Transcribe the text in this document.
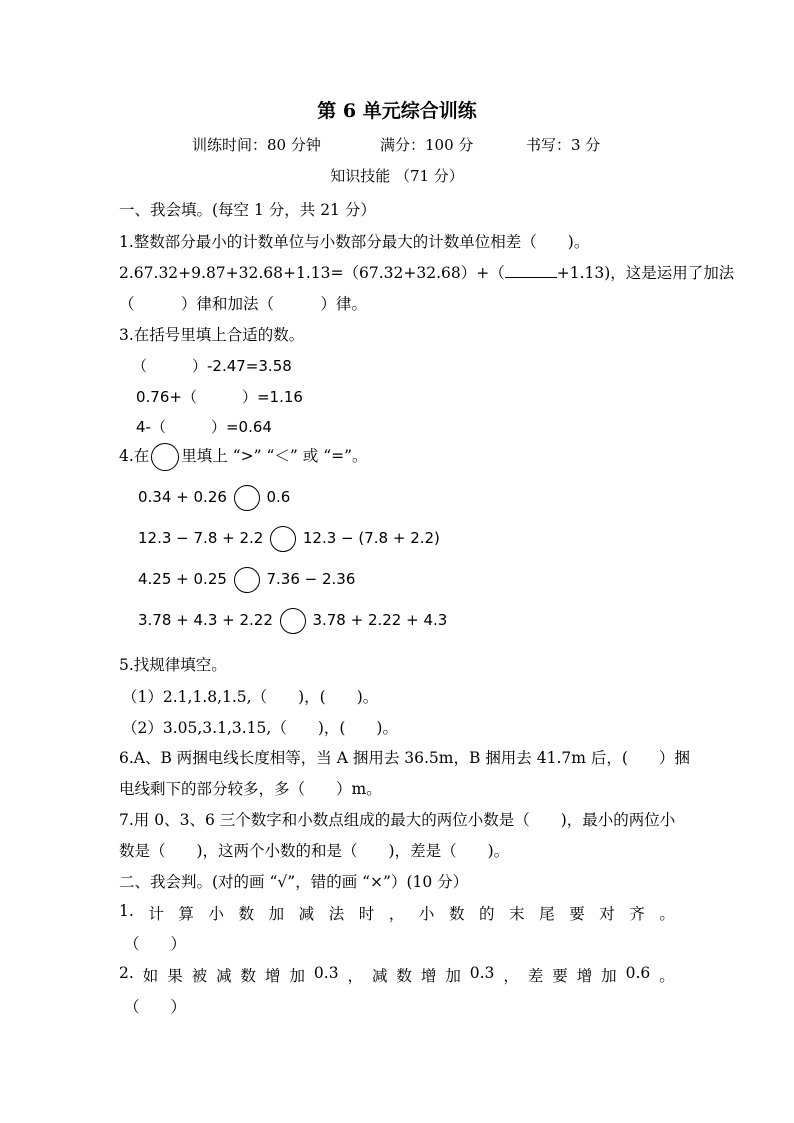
第 6 单元综合训练
训练时间：80 分钟	满分：100 分	书写：3 分
知识技能 （71 分）
一、我会填。(每空 1 分，共 21 分）
1.整数部分最小的计数单位与小数部分最大的计数单位相差（　　)。
2.67.32+9.87+32.68+1.13=（67.32+32.68）+（	+1.13)，这是运用了加法
（　　　）律和加法（　　　）律。
3.在括号里填上合适的数。
（　　　）-2.47=3.58
0.76+（　　　）=1.16
4-（　　　）=0.64
4.在 里填上 “>” “＜” 或 “=”。
0.34 + 0.26	0.6
12.3 − 7.8 + 2.2	12.3 − (7.8 + 2.2)
4.25 + 0.25	7.36 − 2.36
3.78 + 4.3 + 2.22	3.78 + 2.22 + 4.3
5.找规律填空。
（1）2.1,1.8,1.5,（　　)，(　　)。
（2）3.05,3.1,3.15,（　　)，(　　)。
6.A、B 两捆电线长度相等，当 A 捆用去 36.5m，B 捆用去 41.7m 后，(　　）捆
电线剩下的部分较多，多（　　）m。
7.用 0、3、6 三个数字和小数点组成的最大的两位小数是（　　)，最小的两位小
数是（　　)，这两个小数的和是（　　)，差是（　　)。
二、我会判。(对的画 “√”，错的画 “×”）(10 分）
1. 计 算 小 数 加 减 法 时 ， 小 数 的 末 尾 要 对 齐 。
（　　）
2. 如 果 被 减 数 增 加 0.3 ， 减 数 增 加 0.3 ， 差 要 增 加 0.6 。
（　　）
